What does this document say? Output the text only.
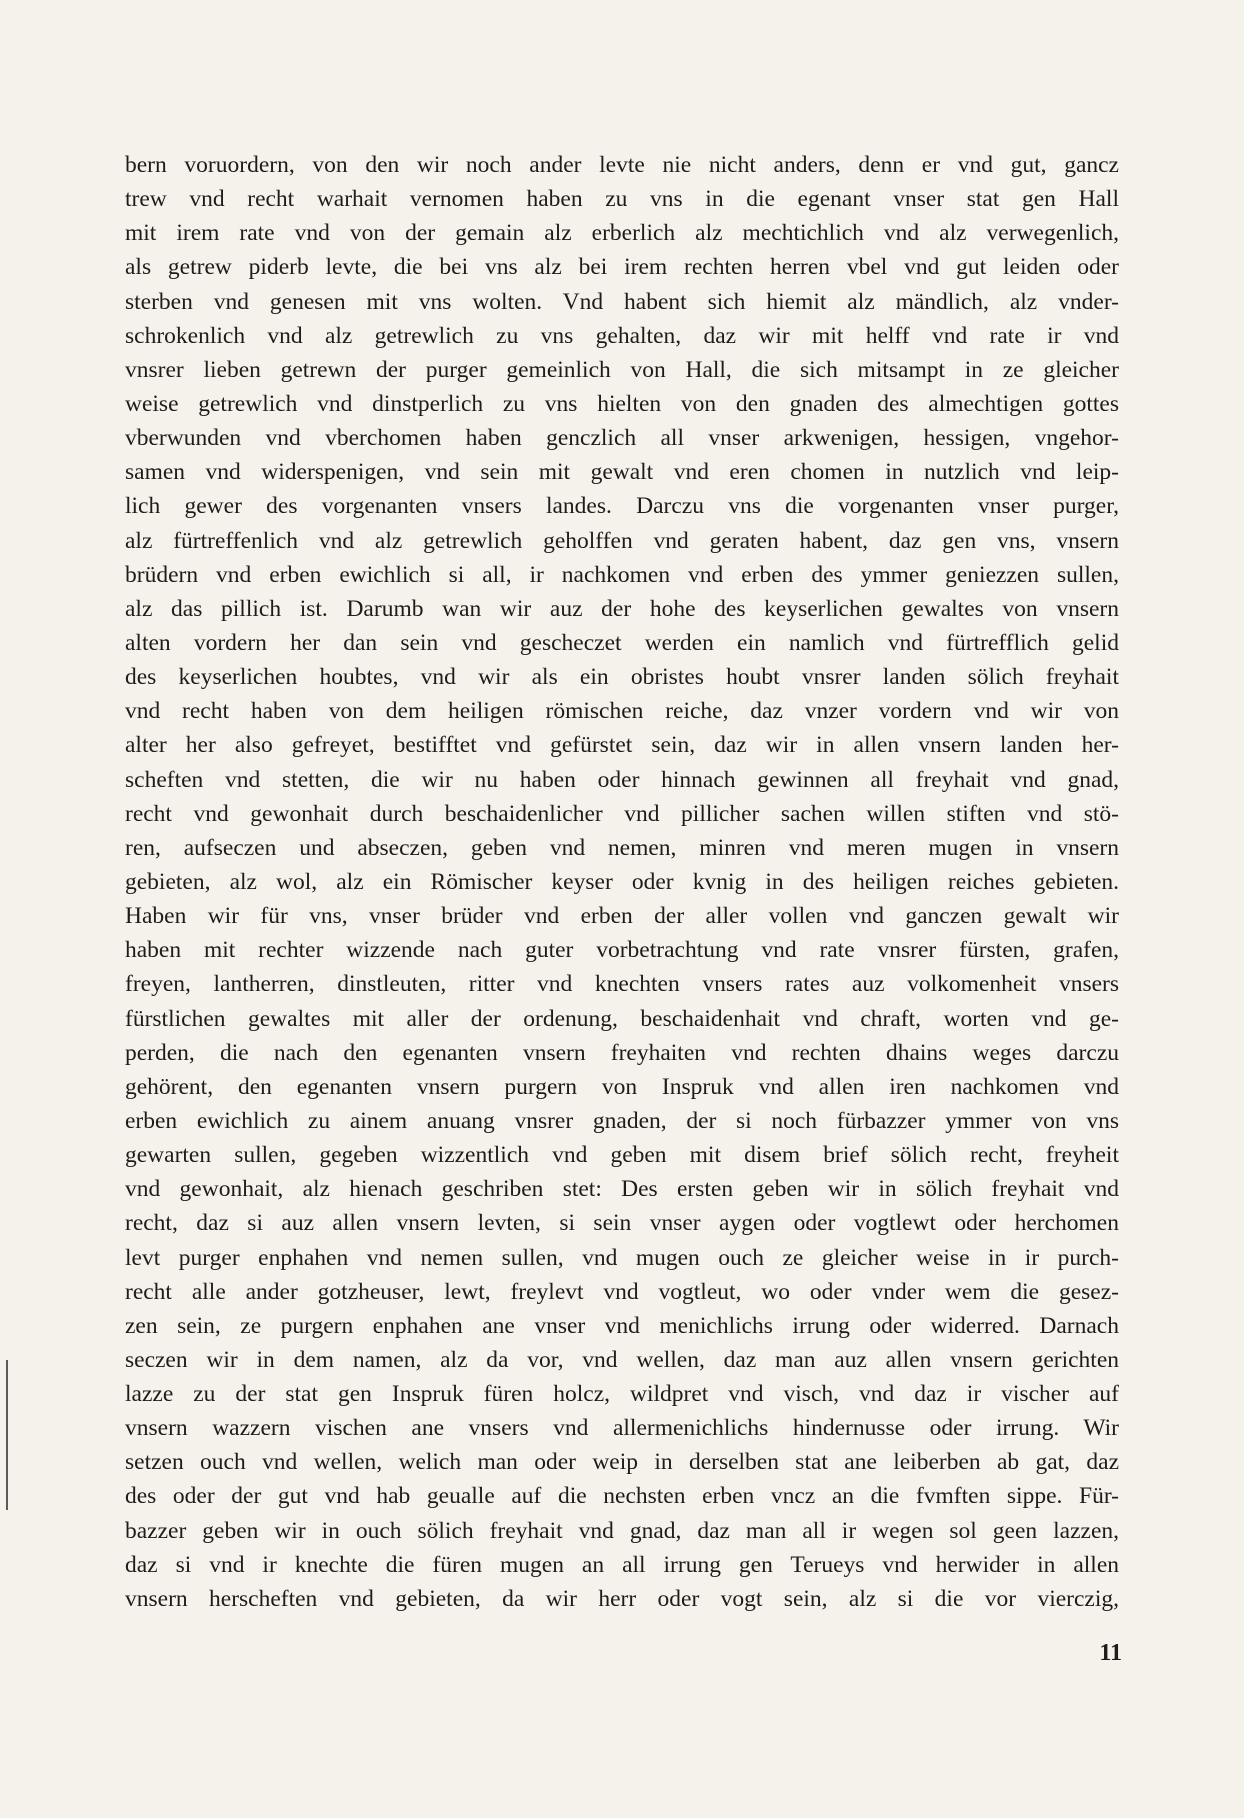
bern voruordern, von den wir noch ander levte nie nicht anders, denn er vnd gut, gancz
trew vnd recht warhait vernomen haben zu vns in die egenant vnser stat gen Hall
mit irem rate vnd von der gemain alz erberlich alz mechtichlich vnd alz verwegenlich,
als getrew piderb levte, die bei vns alz bei irem rechten herren vbel vnd gut leiden oder
sterben vnd genesen mit vns wolten. Vnd habent sich hiemit alz mändlich, alz vnder-
schrokenlich vnd alz getrewlich zu vns gehalten, daz wir mit helff vnd rate ir vnd
vnsrer lieben getrewn der purger gemeinlich von Hall, die sich mitsampt in ze gleicher
weise getrewlich vnd dinstperlich zu vns hielten von den gnaden des almechtigen gottes
vberwunden vnd vberchomen haben genczlich all vnser arkwenigen, hessigen, vngehor-
samen vnd widerspenigen, vnd sein mit gewalt vnd eren chomen in nutzlich vnd leip-
lich gewer des vorgenanten vnsers landes. Darczu vns die vorgenanten vnser purger,
alz fürtreffenlich vnd alz getrewlich geholffen vnd geraten habent, daz gen vns, vnsern
brüdern vnd erben ewichlich si all, ir nachkomen vnd erben des ymmer geniezzen sullen,
alz das pillich ist. Darumb wan wir auz der hohe des keyserlichen gewaltes von vnsern
alten vordern her dan sein vnd gescheczet werden ein namlich vnd fürtrefflich gelid
des keyserlichen houbtes, vnd wir als ein obristes houbt vnsrer landen sölich freyhait
vnd recht haben von dem heiligen römischen reiche, daz vnzer vordern vnd wir von
alter her also gefreyet, bestifftet vnd gefürstet sein, daz wir in allen vnsern landen her-
scheften vnd stetten, die wir nu haben oder hinnach gewinnen all freyhait vnd gnad,
recht vnd gewonhait durch beschaidenlicher vnd pillicher sachen willen stiften vnd stö-
ren, aufseczen und abseczen, geben vnd nemen, minren vnd meren mugen in vnsern
gebieten, alz wol, alz ein Römischer keyser oder kvnig in des heiligen reiches gebieten.
Haben wir für vns, vnser brüder vnd erben der aller vollen vnd ganczen gewalt wir
haben mit rechter wizzende nach guter vorbetrachtung vnd rate vnsrer fürsten, grafen,
freyen, lantherren, dinstleuten, ritter vnd knechten vnsers rates auz volkomenheit vnsers
fürstlichen gewaltes mit aller der ordenung, beschaidenhait vnd chraft, worten vnd ge-
perden, die nach den egenanten vnsern freyhaiten vnd rechten dhains weges darczu
gehörent, den egenanten vnsern purgern von Inspruk vnd allen iren nachkomen vnd
erben ewichlich zu ainem anuang vnsrer gnaden, der si noch fürbazzer ymmer von vns
gewarten sullen, gegeben wizzentlich vnd geben mit disem brief sölich recht, freyheit
vnd gewonhait, alz hienach geschriben stet: Des ersten geben wir in sölich freyhait vnd
recht, daz si auz allen vnsern levten, si sein vnser aygen oder vogtlewt oder herchomen
levt purger enphahen vnd nemen sullen, vnd mugen ouch ze gleicher weise in ir purch-
recht alle ander gotzheuser, lewt, freylevt vnd vogtleut, wo oder vnder wem die gesez-
zen sein, ze purgern enphahen ane vnser vnd menichlichs irrung oder widerred. Darnach
seczen wir in dem namen, alz da vor, vnd wellen, daz man auz allen vnsern gerichten
lazze zu der stat gen Inspruk füren holcz, wildpret vnd visch, vnd daz ir vischer auf
vnsern wazzern vischen ane vnsers vnd allermenichlichs hindernusse oder irrung. Wir
setzen ouch vnd wellen, welich man oder weip in derselben stat ane leiberben ab gat, daz
des oder der gut vnd hab geualle auf die nechsten erben vncz an die fvmften sippe. Für-
bazzer geben wir in ouch sölich freyhait vnd gnad, daz man all ir wegen sol geen lazzen,
daz si vnd ir knechte die füren mugen an all irrung gen Terueys vnd herwider in allen
vnsern herscheften vnd gebieten, da wir herr oder vogt sein, alz si die vor vierczig,
11
